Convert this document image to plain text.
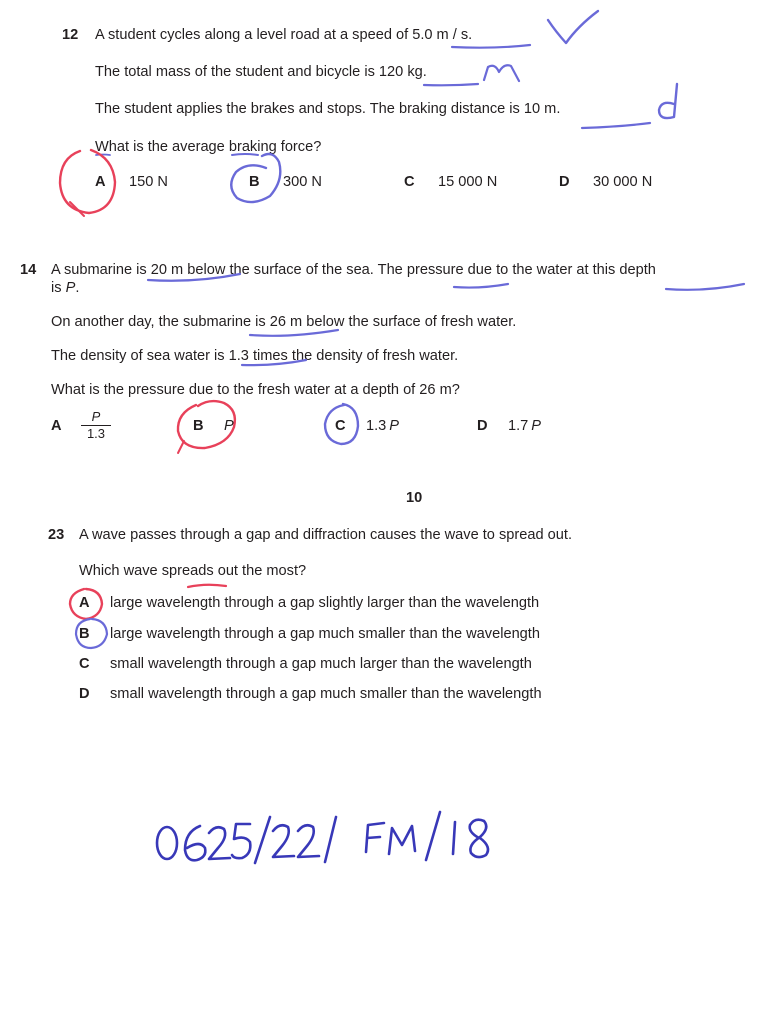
12 A student cycles along a level road at a speed of 5.0 m / s.
The total mass of the student and bicycle is 120 kg.
The student applies the brakes and stops. The braking distance is 10 m.
What is the average braking force?
A 150 N	B 300 N	C 15 000 N	D 30 000 N
14 A submarine is 20 m below the surface of the sea. The pressure due to the water at this depth
is P.
On another day, the submarine is 26 m below the surface of fresh water.
The density of sea water is 1.3 times the density of fresh water.
What is the pressure due to the fresh water at a depth of 26 m?
A $\frac{P}{1.3}$	B P	C 1.3  P	D 1.7  P
10
23 A wave passes through a gap and diffraction causes the wave to spread out.
Which wave spreads out the most?
A large wavelength through a gap slightly larger than the wavelength
B large wavelength through a gap much smaller than the wavelength
C small wavelength through a gap much larger than the wavelength
D small wavelength through a gap much smaller than the wavelength
